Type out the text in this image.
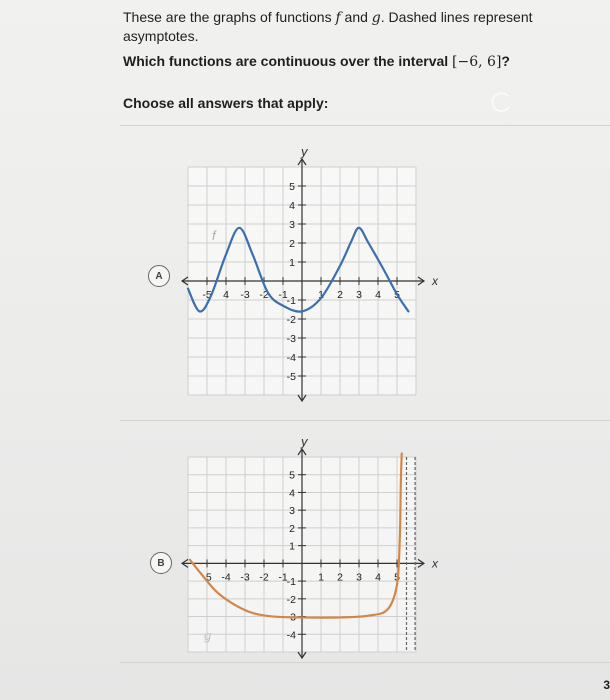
These are the graphs of functions f and g. Dashed lines represent asymptotes.
Which functions are continuous over the interval [−6, 6]?
Choose all answers that apply:
A
y
x
-5 4 -3 -2 -1	1 2 3 4 5
1
2
3
4
5
-1
-2
-3
-4
-5
B
y
x
-5 -4 -3 -2 -1	1 2 3 4 5
1
2
3
4
5
-1
-2
-3
-4
3
